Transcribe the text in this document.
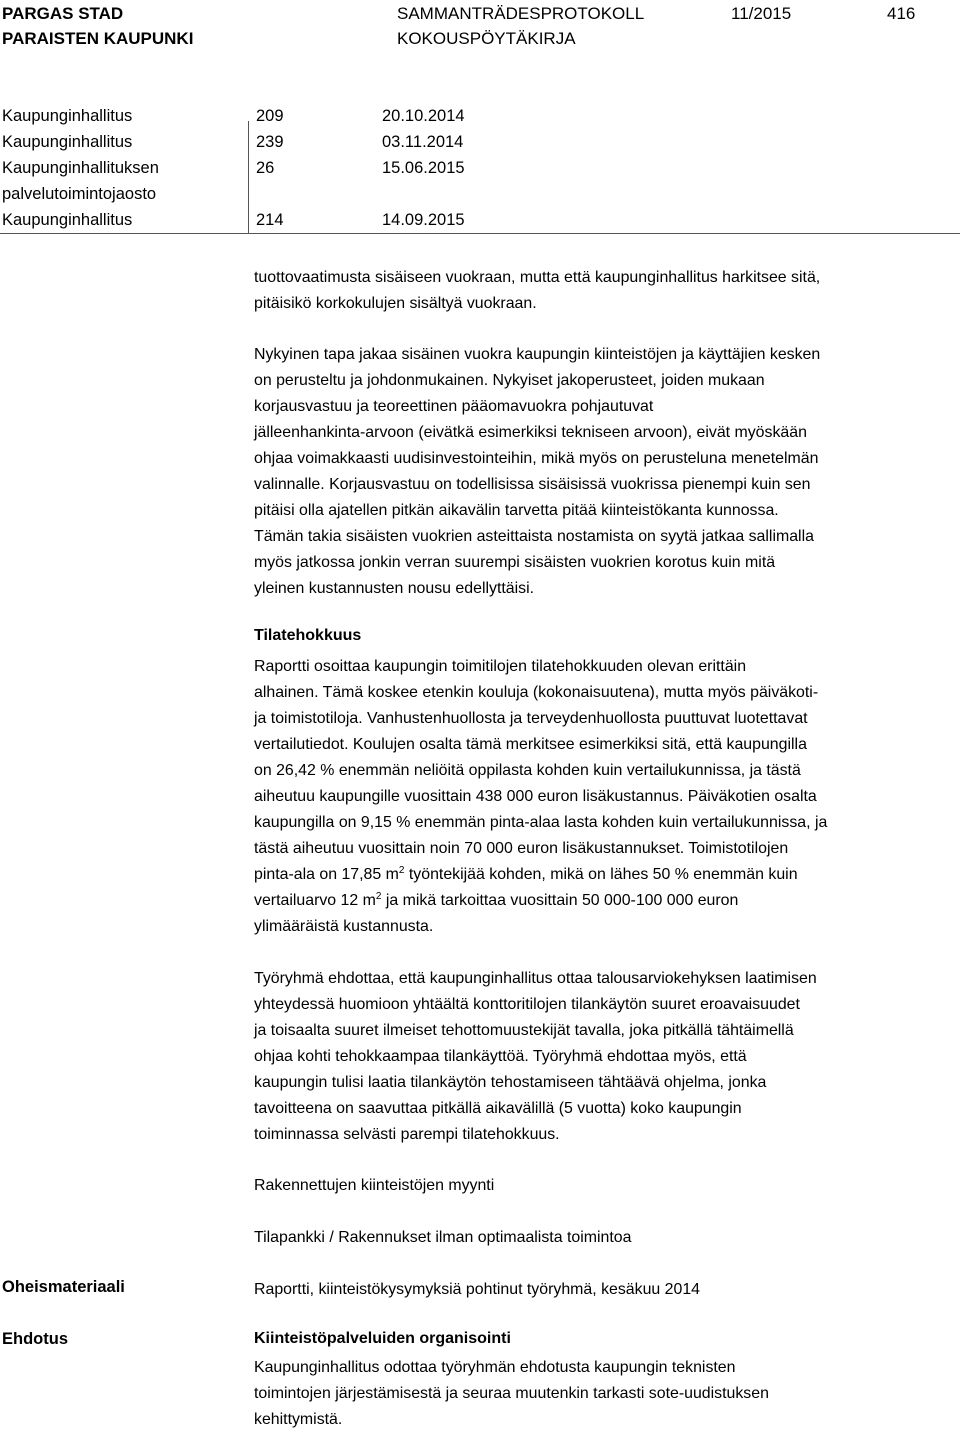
PARGAS STAD
PARAISTEN KAUPUNKI
SAMMANTRÄDESPROTOKOLL
KOKOUSPÖYTÄKIRJA
11/2015	416
Kaupunginhallitus	209	20.10.2014
Kaupunginhallitus	239	03.11.2014
Kaupunginhallituksen	26	15.06.2015
palvelutoimintojaosto
Kaupunginhallitus	214	14.09.2015
tuottovaatimusta sisäiseen vuokraan, mutta että kaupunginhallitus harkitsee sitä,
pitäisikö korkokulujen sisältyä vuokraan.
Nykyinen tapa jakaa sisäinen vuokra kaupungin kiinteistöjen ja käyttäjien kesken
on perusteltu ja johdonmukainen. Nykyiset jakoperusteet, joiden mukaan
korjausvastuu ja teoreettinen pääomavuokra pohjautuvat
jälleenhankinta-arvoon (eivätkä esimerkiksi tekniseen arvoon), eivät myöskään
ohjaa voimakkaasti uudisinvestointeihin, mikä myös on perusteluna menetelmän
valinnalle. Korjausvastuu on todellisissa sisäisissä vuokrissa pienempi kuin sen
pitäisi olla ajatellen pitkän aikavälin tarvetta pitää kiinteistökanta kunnossa.
Tämän takia sisäisten vuokrien asteittaista nostamista on syytä jatkaa sallimalla
myös jatkossa jonkin verran suurempi sisäisten vuokrien korotus kuin mitä
yleinen kustannusten nousu edellyttäisi.
Tilatehokkuus
Raportti osoittaa kaupungin toimitilojen tilatehokkuuden olevan erittäin
alhainen. Tämä koskee etenkin kouluja (kokonaisuutena), mutta myös päiväkoti-
ja toimistotiloja. Vanhustenhuollosta ja terveydenhuollosta puuttuvat luotettavat
vertailutiedot. Koulujen osalta tämä merkitsee esimerkiksi sitä, että kaupungilla
on 26,42 % enemmän neliöitä oppilasta kohden kuin vertailukunnissa, ja tästä
aiheutuu kaupungille vuosittain 438 000 euron lisäkustannus. Päiväkotien osalta
kaupungilla on 9,15 % enemmän pinta-alaa lasta kohden kuin vertailukunnissa, ja
tästä aiheutuu vuosittain noin 70 000 euron lisäkustannukset. Toimistotilojen
pinta-ala on 17,85 $m^2$ työntekijää kohden, mikä on lähes 50 % enemmän kuin
vertailuarvo 12 $m^2$ ja mikä tarkoittaa vuosittain 50 000-100 000 euron
ylimääräistä kustannusta.
Työryhmä ehdottaa, että kaupunginhallitus ottaa talousarviokehyksen laatimisen
yhteydessä huomioon yhtäältä konttoritilojen tilankäytön suuret eroavaisuudet
ja toisaalta suuret ilmeiset tehottomuustekijät tavalla, joka pitkällä tähtäimellä
ohjaa kohti tehokkaampaa tilankäyttöä. Työryhmä ehdottaa myös, että
kaupungin tulisi laatia tilankäytön tehostamiseen tähtäävä ohjelma, jonka
tavoitteena on saavuttaa pitkällä aikavälillä (5 vuotta) koko kaupungin
toiminnassa selvästi parempi tilatehokkuus.
Rakennettujen kiinteistöjen myynti
Tilapankki / Rakennukset ilman optimaalista toimintoa
Oheismateriaali	Raportti, kiinteistökysymyksiä pohtinut työryhmä, kesäkuu 2014
Ehdotus	Kiinteistöpalveluiden organisointi
Kaupunginhallitus odottaa työryhmän ehdotusta kaupungin teknisten
toimintojen järjestämisestä ja seuraa muutenkin tarkasti sote-uudistuksen
kehittymistä.
